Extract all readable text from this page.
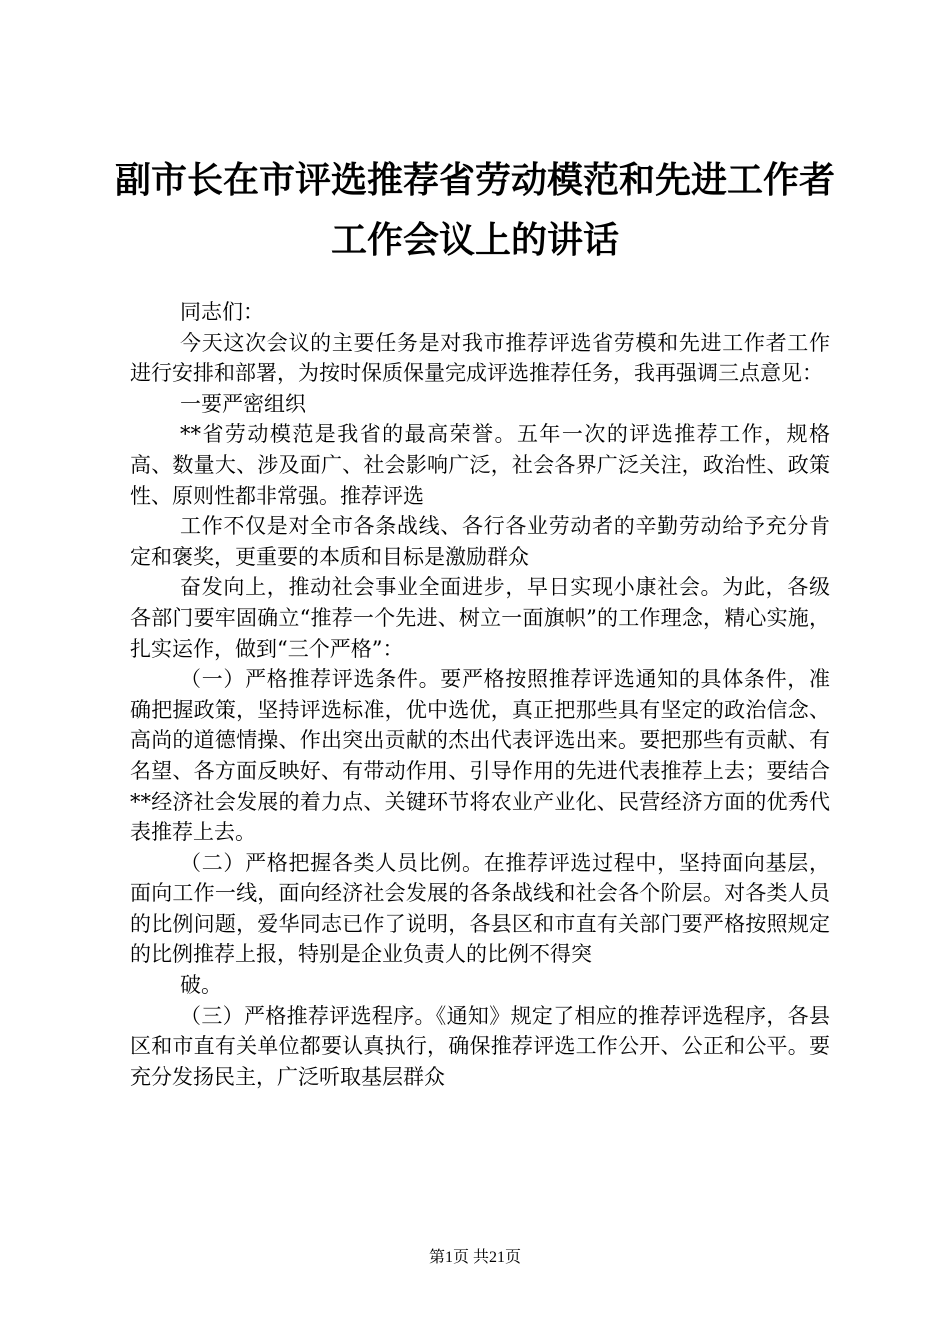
副市长在市评选推荐省劳动模范和先进工作者
工作会议上的讲话

同志们：

今天这次会议的主要任务是对我市推荐评选省劳模和先进工作者工作进行安排和部署，为按时保质保量完成评选推荐任务，我再强调三点意见：

一要严密组织

**省劳动模范是我省的最高荣誉。五年一次的评选推荐工作，规格高、数量大、涉及面广、社会影响广泛，社会各界广泛关注，政治性、政策性、原则性都非常强。推荐评选

工作不仅是对全市各条战线、各行各业劳动者的辛勤劳动给予充分肯定和褒奖，更重要的本质和目标是激励群众

奋发向上，推动社会事业全面进步，早日实现小康社会。为此，各级各部门要牢固确立“推荐一个先进、树立一面旗帜”的工作理念，精心实施，扎实运作，做到“三个严格”：

（一）严格推荐评选条件。要严格按照推荐评选通知的具体条件，准确把握政策，坚持评选标准，优中选优，真正把那些具有坚定的政治信念、高尚的道德情操、作出突出贡献的杰出代表评选出来。要把那些有贡献、有名望、各方面反映好、有带动作用、引导作用的先进代表推荐上去；要结合**经济社会发展的着力点、关键环节将农业产业化、民营经济方面的优秀代表推荐上去。

（二）严格把握各类人员比例。在推荐评选过程中，坚持面向基层，面向工作一线，面向经济社会发展的各条战线和社会各个阶层。对各类人员的比例问题，爱华同志已作了说明，各县区和市直有关部门要严格按照规定的比例推荐上报，特别是企业负责人的比例不得突

破。

（三）严格推荐评选程序。《通知》规定了相应的推荐评选程序，各县区和市直有关单位都要认真执行，确保推荐评选工作公开、公正和公平。要充分发扬民主，广泛听取基层群众

第1页 共21页
